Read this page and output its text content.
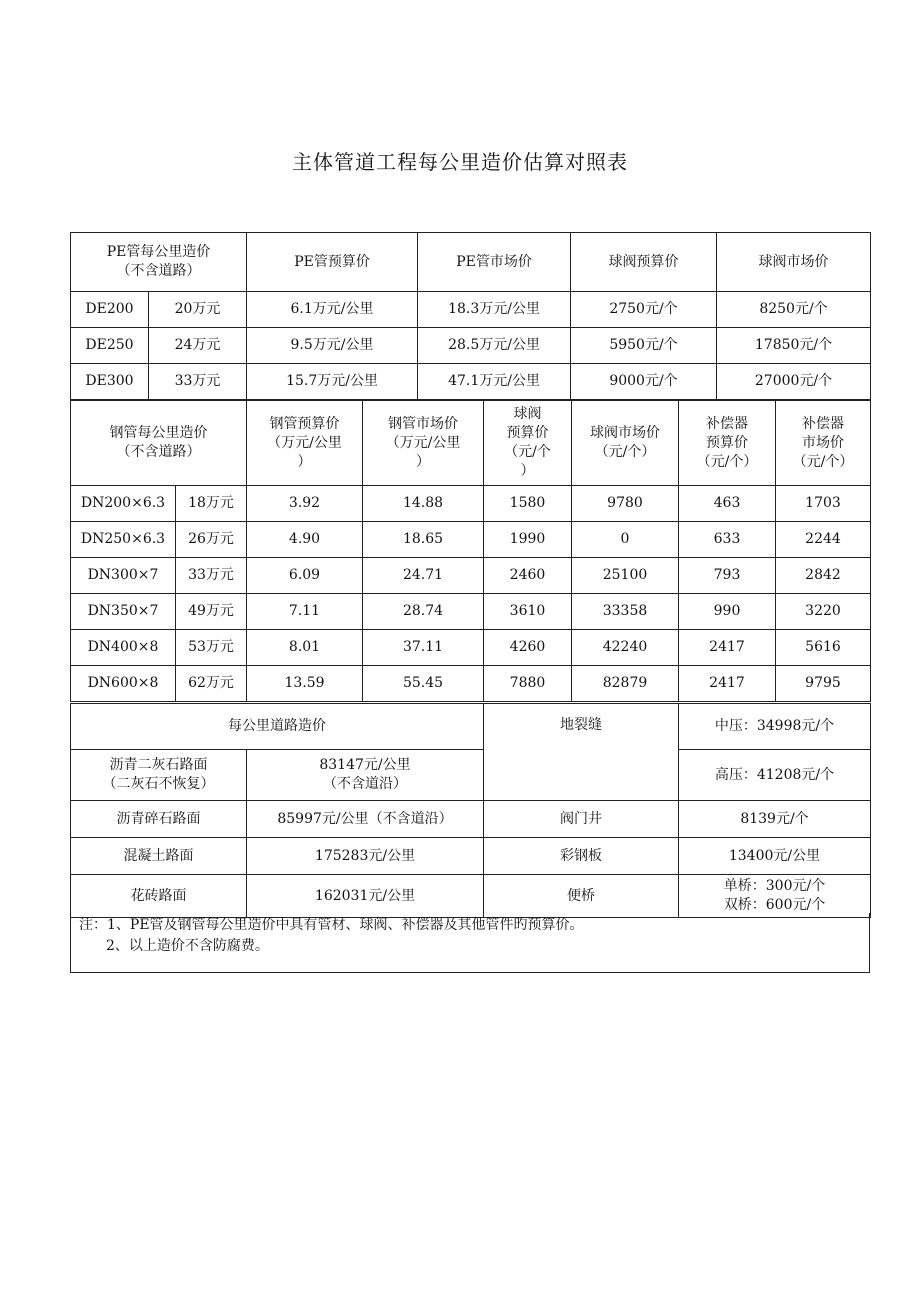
主体管道工程每公里造价估算对照表
PE管每公里造价
（不含道路）		PE管预算价	PE管市场价	球阀预算价	球阀市场价
DE200	20万元	6.1万元/公里	18.3万元/公里	2750元/个	8250元/个
DE250	24万元	9.5万元/公里	28.5万元/公里	5950元/个	17850元/个
DE300	33万元	15.7万元/公里	47.1万元/公里	9000元/个	27000元/个
钢管每公里造价
（不含道路）		钢管预算价
（万元/公里
）	钢管市场价
（万元/公里
）	球阀
预算价
（元/个
）	球阀市场价
（元/个）	补偿器
预算价
（元/个）	补偿器
市场价
（元/个）
DN200×6.3	18万元	3.92	14.88	1580	9780	463	1703
DN250×6.3	26万元	4.90	18.65	1990	0	633	2244
DN300×7	33万元	6.09	24.71	2460	25100	793	2842
DN350×7	49万元	7.11	28.74	3610	33358	990	3220
DN400×8	53万元	8.01	37.11	4260	42240	2417	5616
DN600×8	62万元	13.59	55.45	7880	82879	2417	9795
每公里道路造价		地裂缝	中压：34998元/个
沥青二灰石路面
（二灰石不恢复）	83147元/公里
（不含道沿）		高压：41208元/个
沥青碎石路面	85997元/公里（不含道沿）	阀门井	8139元/个
混凝土路面	175283元/公里	彩钢板	13400元/公里
花砖路面	162031元/公里	便桥	单桥：300元/个
双桥：600元/个
注：1、PE管及钢管每公里造价中具有管材、球阀、补偿器及其他管件旳预算价。
2、以上造价不含防腐费。
